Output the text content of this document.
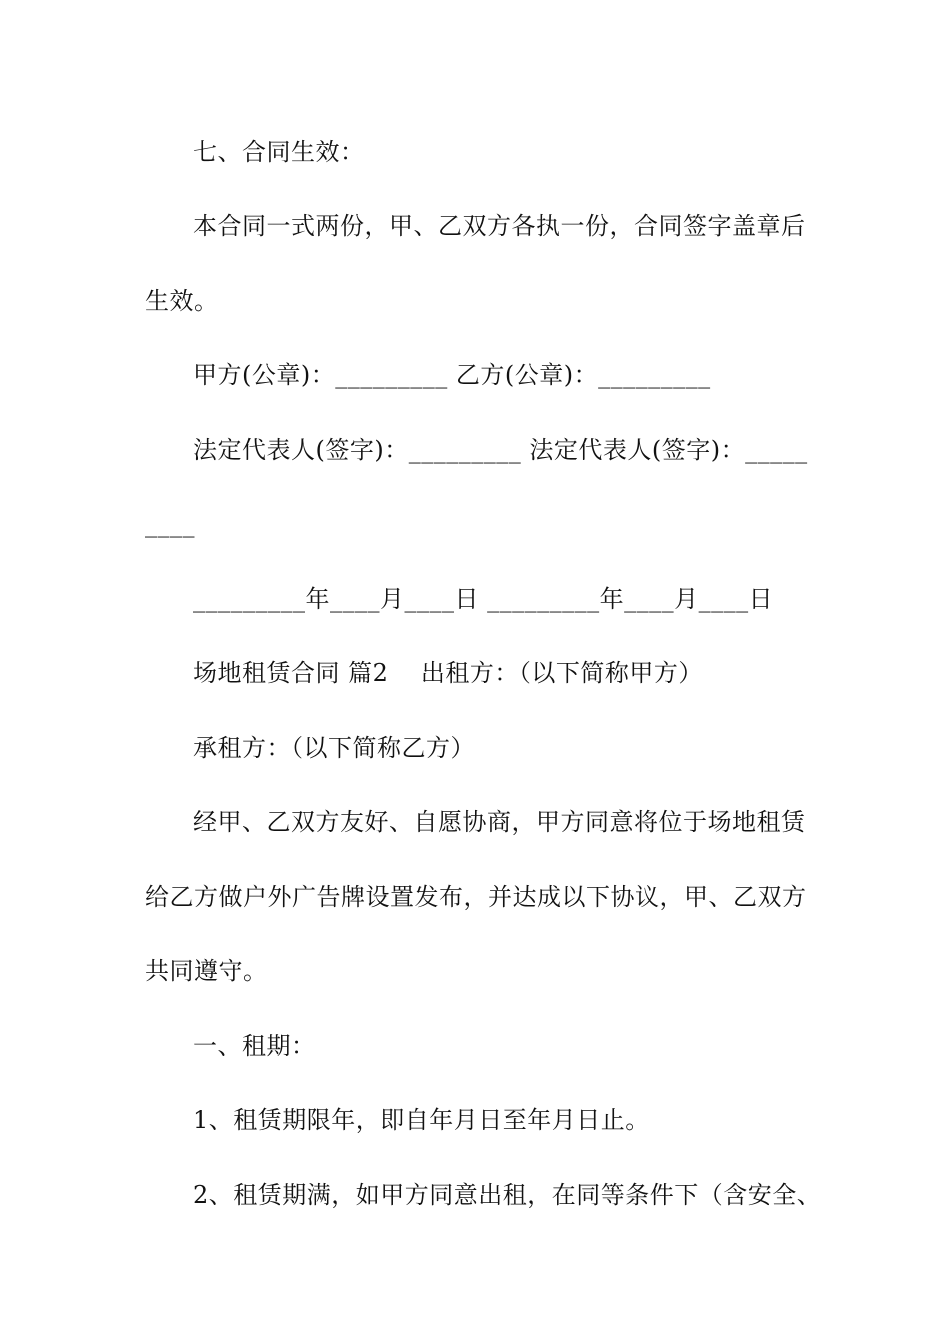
七、合同生效：
本合同一式两份，甲、乙双方各执一份，合同签字盖章后
生效。
甲方(公章)：_________ 乙方(公章)：_________
法定代表人(签字)：_________ 法定代表人(签字)：_____
____
_________年____月____日 _________年____月____日
场地租赁合同 篇2    出租方：（以下简称甲方）
承租方：（以下简称乙方）
经甲、乙双方友好、自愿协商，甲方同意将位于场地租赁
给乙方做户外广告牌设置发布，并达成以下协议，甲、乙双方
共同遵守。
一、租期：
1、租赁期限年，即自年月日至年月日止。
2、租赁期满，如甲方同意出租，在同等条件下（含安全、
